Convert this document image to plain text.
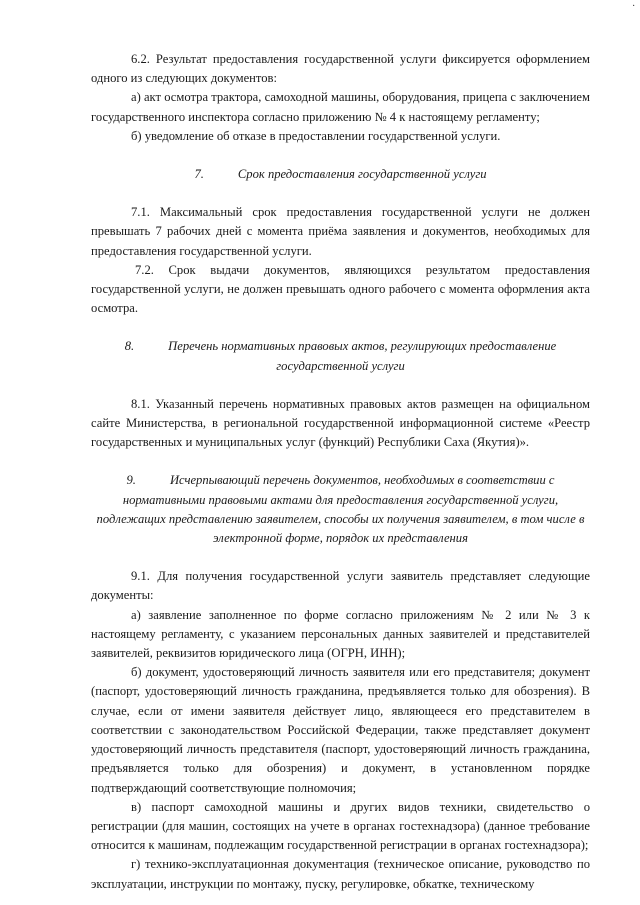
·

6.2. Результат предоставления государственной услуги фиксируется оформлением одного из следующих документов:

а) акт осмотра трактора, самоходной машины, оборудования, прицепа с заключением государственного инспектора согласно приложению № 4 к настоящему регламенту;

б) уведомление об отказе в предоставлении государственной услуги.

7.	Срок предоставления государственной услуги

7.1. Максимальный срок предоставления государственной услуги не должен превышать 7 рабочих дней с момента приёма заявления и документов, необходимых для предоставления государственной услуги.

7.2. Срок выдачи документов, являющихся результатом предоставления государственной услуги, не должен превышать одного рабочего с момента оформления акта осмотра.

8.	Перечень нормативных правовых актов, регулирующих предоставление
государственной услуги

8.1. Указанный перечень нормативных правовых актов размещен на официальном сайте Министерства, в региональной государственной информационной системе «Реестр государственных и муниципальных услуг (функций) Республики Саха (Якутия)».

9.	Исчерпывающий перечень документов, необходимых в соответствии с
нормативными правовыми актами для предоставления государственной услуги,
подлежащих представлению заявителем, способы их получения заявителем, в том числе в
электронной форме, порядок их представления

9.1. Для получения государственной услуги заявитель представляет следующие документы:

а) заявление заполненное по форме согласно приложениям № 2 или № 3 к настоящему регламенту, с указанием персональных данных заявителей и представителей заявителей, реквизитов юридического лица (ОГРН, ИНН);

б) документ, удостоверяющий личность заявителя или его представителя; документ (паспорт, удостоверяющий личность гражданина, предъявляется только для обозрения). В случае, если от имени заявителя действует лицо, являющееся его представителем в соответствии с законодательством Российской Федерации, также представляет документ удостоверяющий личность представителя (паспорт, удостоверяющий личность гражданина, предъявляется только для обозрения) и документ, в установленном порядке подтверждающий соответствующие полномочия;

в) паспорт самоходной машины и других видов техники, свидетельство о регистрации (для машин, состоящих на учете в органах гостехнадзора) (данное требование относится к машинам, подлежащим государственной регистрации в органах гостехнадзора);

г) технико-эксплуатационная документация (техническое описание, руководство по эксплуатации, инструкции по монтажу, пуску, регулировке, обкатке, техническому
